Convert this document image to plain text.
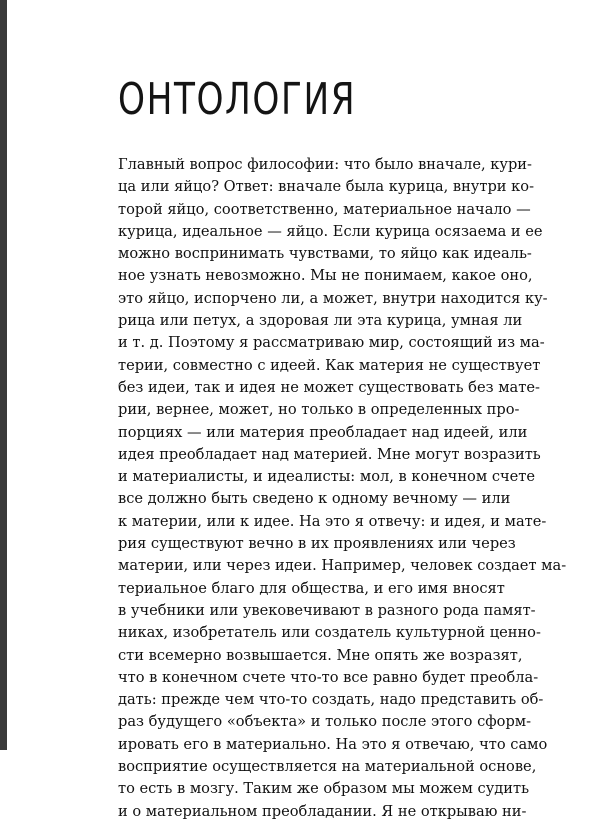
ОНТОЛОГИЯ
Главный вопрос философии: что было вначале, кури-
ца или яйцо? Ответ: вначале была курица, внутри ко-
торой яйцо, соответственно, материальное начало —
курица, идеальное — яйцо. Если курица осязаема и ее
можно воспринимать чувствами, то яйцо как идеаль-
ное узнать невозможно. Мы не понимаем, какое оно,
это яйцо, испорчено ли, а может, внутри находится ку-
рица или петух, а здоровая ли эта курица, умная ли
и т. д. Поэтому я рассматриваю мир, состоящий из ма-
терии, совместно с идеей. Как материя не существует
без идеи, так и идея не может существовать без мате-
рии, вернее, может, но только в определенных про-
порциях — или материя преобладает над идеей, или
идея преобладает над материей. Мне могут возразить
и материалисты, и идеалисты: мол, в конечном счете
все должно быть сведено к одному вечному — или
к материи, или к идее. На это я отвечу: и идея, и мате-
рия существуют вечно в их проявлениях или через
материи, или через идеи. Например, человек создает ма-
териальное благо для общества, и его имя вносят
в учебники или увековечивают в разного рода памят-
никах, изобретатель или создатель культурной ценно-
сти всемерно возвышается. Мне опять же возразят,
что в конечном счете что-то все равно будет преобла-
дать: прежде чем что-то создать, надо представить об-
раз будущего «объекта» и только после этого сформ-
ировать его в материально. На это я отвечаю, что само
восприятие осуществляется на материальной основе,
то есть в мозгу. Таким же образом мы можем судить
и о материальном преобладании. Я не открываю ни-
